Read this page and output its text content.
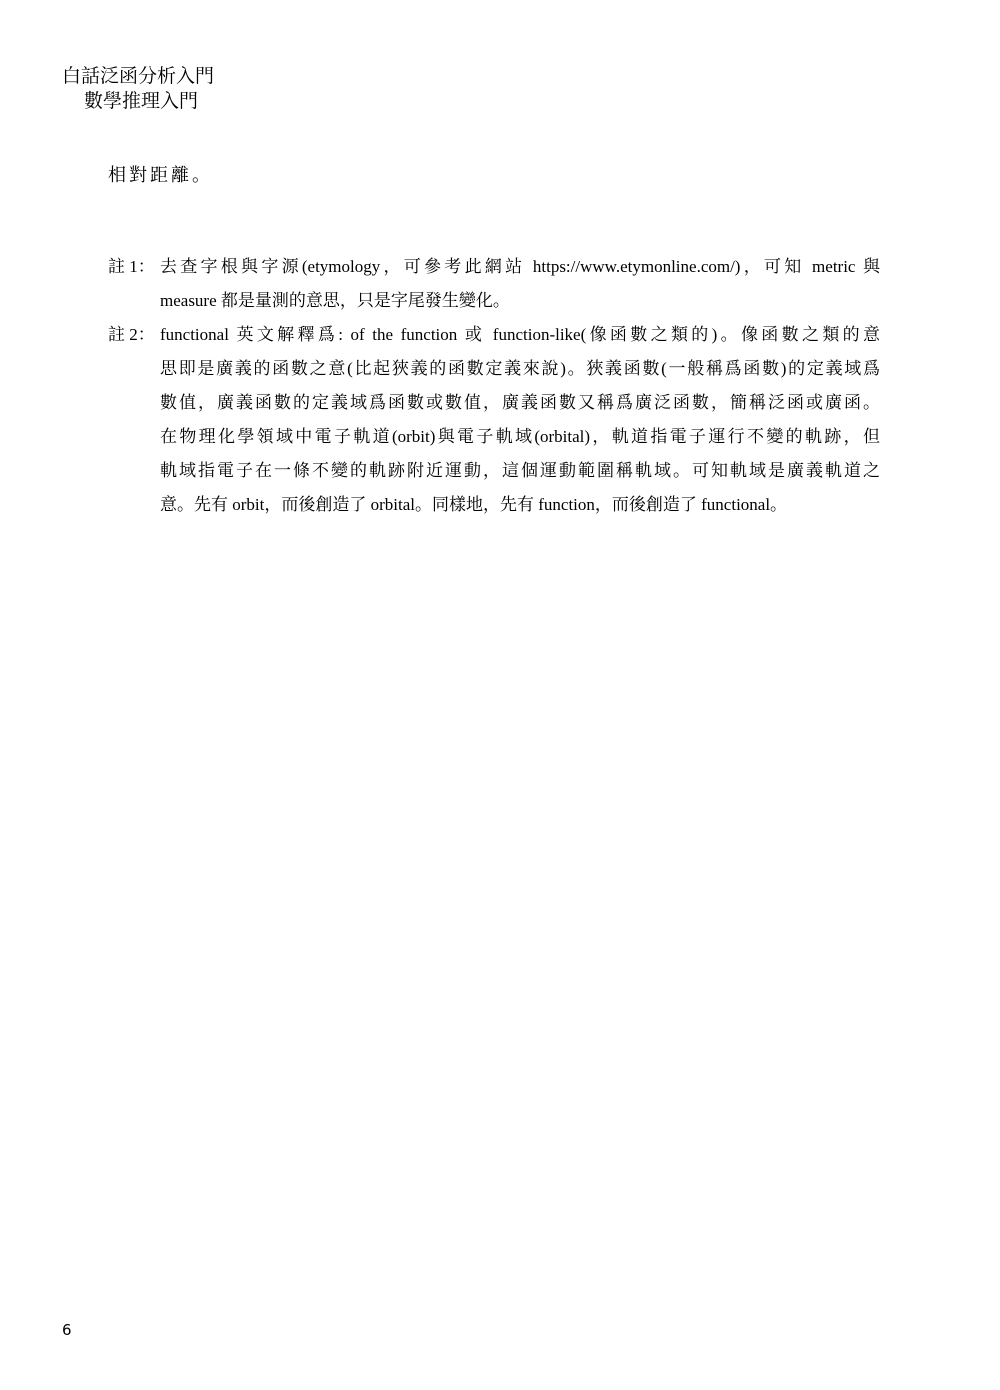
白話泛函分析入門
數學推理入門
相對距離。
註 1： 去查字根與字源(etymology，可參考此網站 https://www.etymonline.com/)，可知 metric 與
measure 都是量測的意思，只是字尾發生變化。
註 2： functional 英文解釋爲: of the function 或 function-like(像函數之類的)。像函數之類的意
思即是廣義的函數之意(比起狹義的函數定義來說)。狹義函數(一般稱爲函數)的定義域爲
數值，廣義函數的定義域爲函數或數值，廣義函數又稱爲廣泛函數，簡稱泛函或廣函。
在物理化學領域中電子軌道(orbit)與電子軌域(orbital)，軌道指電子運行不變的軌跡，但
軌域指電子在一條不變的軌跡附近運動，這個運動範圍稱軌域。可知軌域是廣義軌道之
意。先有 orbit，而後創造了 orbital。同樣地，先有 function，而後創造了 functional。
6
